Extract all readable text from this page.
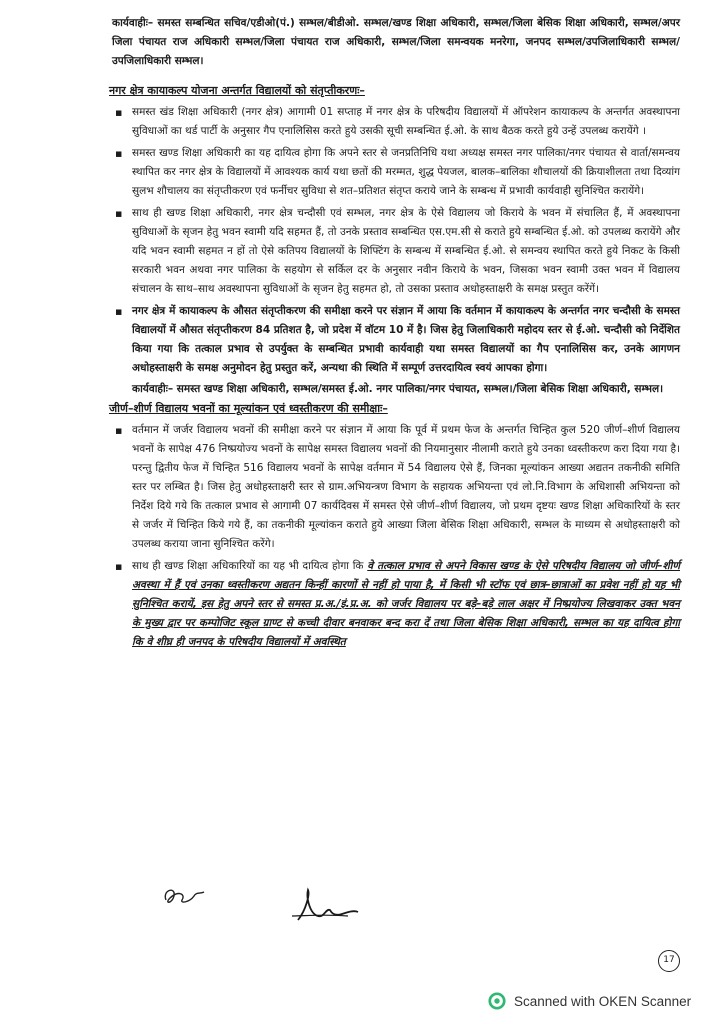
कार्यवाहीः– समस्त सम्बन्धित सचिव/एडीओ(पं.) सम्भल/बीडीओ. सम्भल/खण्ड शिक्षा अधिकारी, सम्भल/जिला बेसिक शिक्षा अधिकारी, सम्भल/अपर जिला पंचायत राज अधिकारी सम्भल/जिला पंचायत राज अधिकारी, सम्भल/जिला समन्वयक मनरेगा, जनपद सम्भल/उपजिलाधिकारी सम्भल/उपजिलाधिकारी सम्भल।

नगर क्षेत्र कायाकल्प योजना अन्तर्गत विद्यालयों को संतृप्तीकरणः–

▪ समस्त खंड शिक्षा अधिकारी (नगर क्षेत्र) आगामी 01 सप्ताह में नगर क्षेत्र के परिषदीय विद्यालयों में ऑपरेशन कायाकल्प के अन्तर्गत अवस्थापना सुविधाओं का थर्ड पार्टी के अनुसार गैप एनालिसिस करते हुये उसकी सूची सम्बन्धित ई.ओ. के साथ बैठक करते हुये उन्हें उपलब्ध करायेंगे ।
▪ समस्त खण्ड शिक्षा अधिकारी का यह दायित्व होगा कि अपने स्तर से जनप्रतिनिधि यथा अध्यक्ष समस्त नगर पालिका/नगर पंचायत से वार्ता/समन्वय स्थापित कर नगर क्षेत्र के विद्यालयों में आवश्यक कार्य यथा छतों की मरम्मत, शुद्ध पेयजल, बालक–बालिका शौचालयों की क्रियाशीलता तथा दिव्यांग सुलभ शौचालय का संतृप्तीकरण एवं फर्नीचर सुविधा से शत–प्रतिशत संतृप्त कराये जाने के सम्बन्ध में प्रभावी कार्यवाही सुनिश्चित करायेंगे।
▪ साथ ही खण्ड शिक्षा अधिकारी, नगर क्षेत्र चन्दौसी एवं सम्भल, नगर क्षेत्र के ऐसे विद्यालय जो किराये के भवन में संचालित हैं, में अवस्थापना सुविधाओं के सृजन हेतु भवन स्वामी यदि सहमत हैं, तो उनके प्रस्ताव सम्बन्धित एस.एम.सी से कराते हुये सम्बन्धित ई.ओ. को उपलब्ध करायेंगे और यदि भवन स्वामी सहमत न हों तो ऐसे कतिपय विद्यालयों के शिफ्टिंग के सम्बन्ध में सम्बन्धित ई.ओ. से समन्वय स्थापित करते हुये निकट के किसी सरकारी भवन अथवा नगर पालिका के सहयोग से सर्किल दर के अनुसार नवीन किराये के भवन, जिसका भवन स्वामी उक्त भवन में विद्यालय संचालन के साथ–साथ अवस्थापना सुविधाओं के सृजन हेतु सहमत हो, तो उसका प्रस्ताव अधोहस्ताक्षरी के समक्ष प्रस्तुत करेंगें।
▪ नगर क्षेत्र में कायाकल्प के औसत संतृप्तीकरण की समीक्षा करने पर संज्ञान में आया कि वर्तमान में कायाकल्प के अन्तर्गत नगर चन्दौसी के समस्त विद्यालयों में औसत संतृप्तीकरण 84 प्रतिशत है, जो प्रदेश में वॉटम 10 में है। जिस हेतु जिलाधिकारी महोदय स्तर से ई.ओ. चन्दौसी को निर्देशित किया गया कि तत्काल प्रभाव से उपर्युक्त के सम्बन्धित प्रभावी कार्यवाही यथा समस्त विद्यालयों का गैप एनालिसिस कर, उनके आगणन अधोहस्ताक्षरी के समक्ष अनुमोदन हेतु प्रस्तुत करें, अन्यथा की स्थिति में सम्पूर्ण उत्तरदायित्व स्वयं आपका होगा।

कार्यवाहीः– समस्त खण्ड शिक्षा अधिकारी, सम्भल/समस्त ई.ओ. नगर पालिका/नगर पंचायत, सम्भल।/जिला बेसिक शिक्षा अधिकारी, सम्भल।

जीर्ण–शीर्ण विद्यालय भवनों का मूल्यांकन एवं ध्वस्तीकरण की समीक्षाः–

▪ वर्तमान में जर्जर विद्यालय भवनों की समीक्षा करने पर संज्ञान में आया कि पूर्व में प्रथम फेज के अन्तर्गत चिन्हित कुल 520 जीर्ण–शीर्ण विद्यालय भवनों के सापेक्ष 476 निष्प्रयोज्य भवनों के सापेक्ष समस्त विद्यालय भवनों की नियमानुसार नीलामी कराते हुये उनका ध्वस्तीकरण करा दिया गया है। परन्तु द्वितीय फेज में चिन्हित 516 विद्यालय भवनों के सापेक्ष वर्तमान में 54 विद्यालय ऐसे हैं, जिनका मूल्यांकन आख्या अद्यतन तकनीकी समिति स्तर पर लम्बित है। जिस हेतु अधोहस्ताक्षरी स्तर से ग्राम.अभियन्त्रण विभाग के सहायक अभियन्ता एवं लो.नि.विभाग के अधिशासी अभियन्ता को निर्देश दिये गये कि तत्काल प्रभाव से आगामी 07 कार्यदिवस में समस्त ऐसे जीर्ण–शीर्ण विद्यालय, जो प्रथम दृष्टयः खण्ड शिक्षा अधिकारियों के स्तर से जर्जर में चिन्हित किये गये हैं, का तकनीकी मूल्यांकन कराते हुये आख्या जिला बेसिक शिक्षा अधिकारी, सम्भल के माध्यम से अधोहस्ताक्षरी को उपलब्ध कराया जाना सुनिश्चित करेंगे।
▪ साथ ही खण्ड शिक्षा अधिकारियों का यह भी दायित्व होगा कि वे तत्काल प्रभाव से अपने विकास खण्ड के ऐसे परिषदीय विद्यालय जो जीर्ण–शीर्ण अवस्था में हैं एवं उनका ध्वस्तीकरण अद्यतन किन्हीं कारणों से नहीं हो पाया है, में किसी भी स्टॉफ एवं छात्र–छात्राओं का प्रवेश नहीं हो यह भी सुनिश्चित करायें, इस हेतु अपने स्तर से समस्त प्र.अ./इं.प्र.अ. को जर्जर विद्यालय पर बड़े–बड़े लाल अक्षर में निष्प्रयोज्य लिखवाकर उक्त भवन के मुख्य द्वार पर कम्पोजिट स्कूल ग्राण्ट से कच्ची दीवार बनवाकर बन्द करा दें तथा जिला बेसिक शिक्षा अधिकारी, सम्भल का यह दायित्व होगा कि वे शीघ्र ही जनपद के परिषदीय विद्यालयों में अवस्थित
17
Scanned with OKEN Scanner
